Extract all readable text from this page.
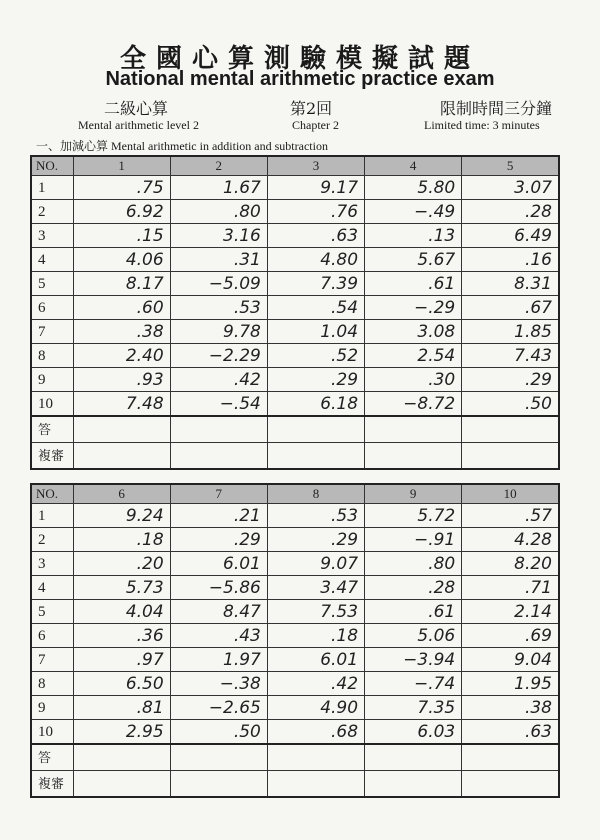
全國心算測驗模擬試題
National mental arithmetic practice exam
二級心算
Mental arithmetic level 2
第2回
Chapter 2
限制時間三分鐘
Limited time: 3 minutes
一、加減心算 Mental arithmetic in addition and subtraction
NO.	1	2	3	4	5
1	.75	1.67	9.17	5.80	3.07
2	6.92	.80	.76	−.49	.28
3	.15	3.16	.63	.13	6.49
4	4.06	.31	4.80	5.67	.16
5	8.17	−5.09	7.39	.61	8.31
6	.60	.53	.54	−.29	.67
7	.38	9.78	1.04	3.08	1.85
8	2.40	−2.29	.52	2.54	7.43
9	.93	.42	.29	.30	.29
10	7.48	−.54	6.18	−8.72	.50
答					
複審					
NO.	6	7	8	9	10
1	9.24	.21	.53	5.72	.57
2	.18	.29	.29	−.91	4.28
3	.20	6.01	9.07	.80	8.20
4	5.73	−5.86	3.47	.28	.71
5	4.04	8.47	7.53	.61	2.14
6	.36	.43	.18	5.06	.69
7	.97	1.97	6.01	−3.94	9.04
8	6.50	−.38	.42	−.74	1.95
9	.81	−2.65	4.90	7.35	.38
10	2.95	.50	.68	6.03	.63
答					
複審					
